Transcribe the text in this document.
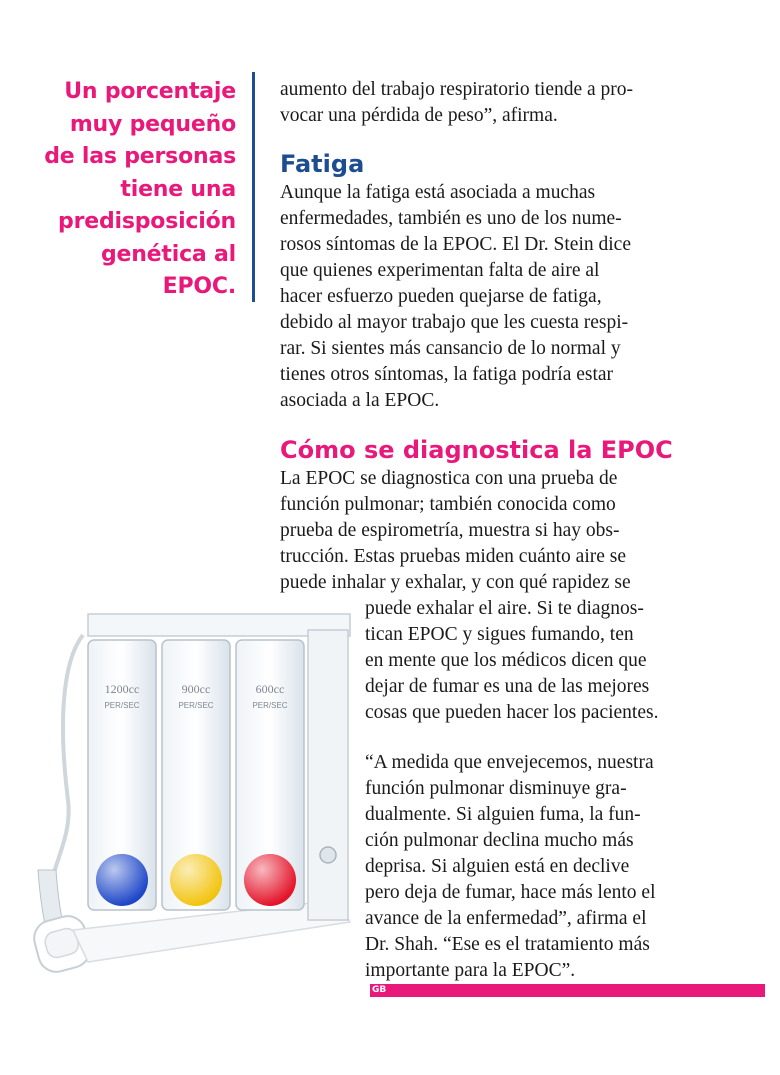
Un porcentaje
muy pequeño
de las personas
tiene una
predisposición
genética al
EPOC.
aumento del trabajo respiratorio tiende a pro-
vocar una pérdida de peso”, afirma.
Fatiga
Aunque la fatiga está asociada a muchas
enfermedades, también es uno de los nume-
rosos síntomas de la EPOC. El Dr. Stein dice
que quienes experimentan falta de aire al
hacer esfuerzo pueden quejarse de fatiga,
debido al mayor trabajo que les cuesta respi-
rar. Si sientes más cansancio de lo normal y
tienes otros síntomas, la fatiga podría estar
asociada a la EPOC.
Cómo se diagnostica la EPOC
La EPOC se diagnostica con una prueba de
función pulmonar; también conocida como
prueba de espirometría, muestra si hay obs-
trucción. Estas pruebas miden cuánto aire se
puede inhalar y exhalar, y con qué rapidez se
puede exhalar el aire. Si te diagnos-
tican EPOC y sigues fumando, ten
en mente que los médicos dicen que
dejar de fumar es una de las mejores
cosas que pueden hacer los pacientes.
“A medida que envejecemos, nuestra
función pulmonar disminuye gra-
dualmente. Si alguien fuma, la fun-
ción pulmonar declina mucho más
deprisa. Si alguien está en declive
pero deja de fumar, hace más lento el
avance de la enfermedad”, afirma el
Dr. Shah. “Ese es el tratamiento más
importante para la EPOC”.
GB
1200cc
PER/SEC
900cc
PER/SEC
600cc
PER/SEC
